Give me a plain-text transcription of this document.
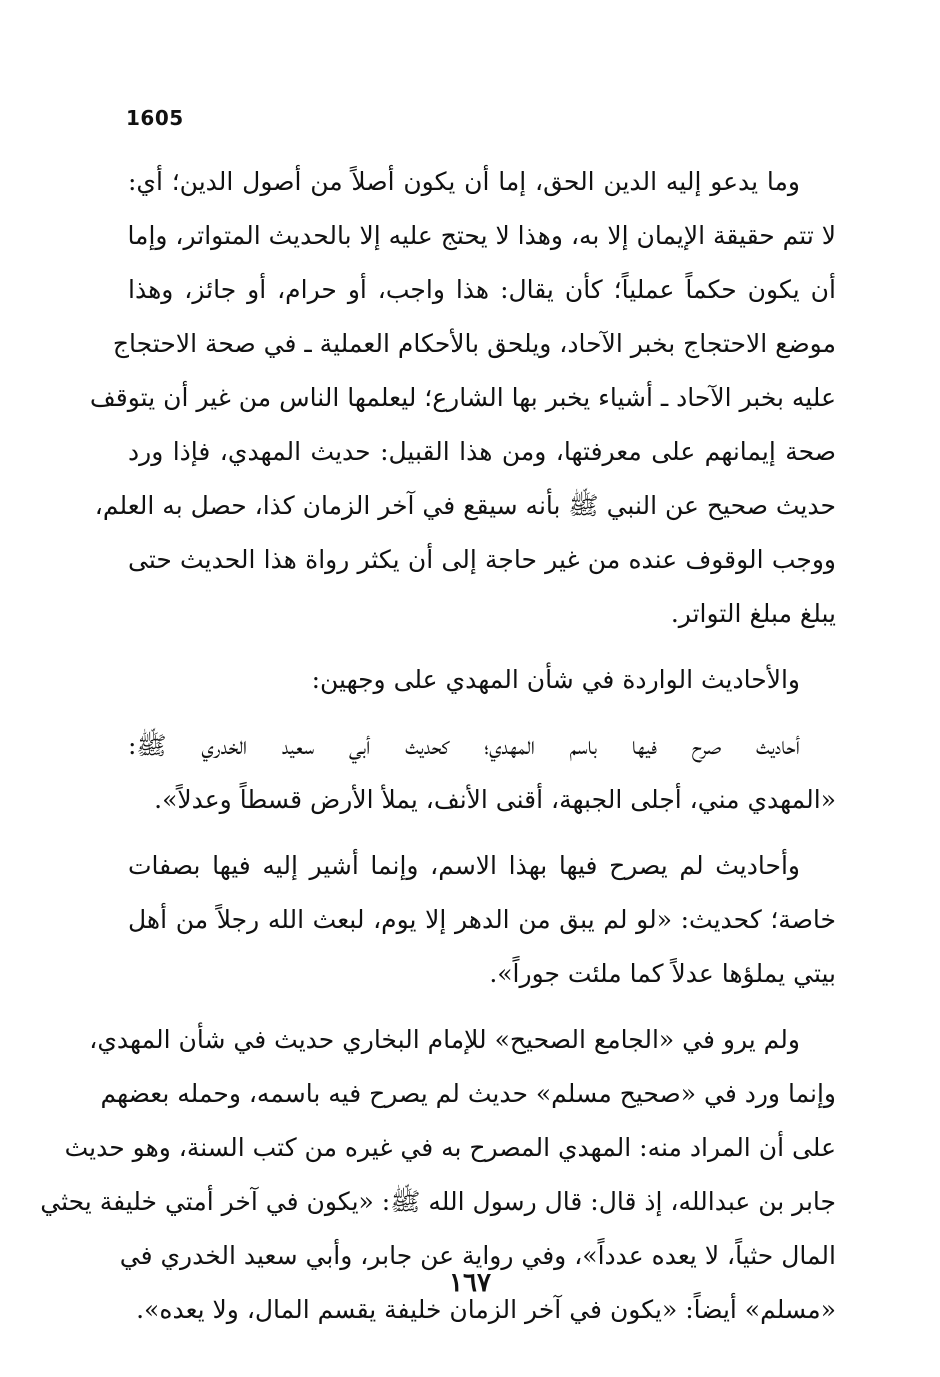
1605
وما يدعو إليه الدين الحق، إما أن يكون أصلاً من أصول الدين؛ أي:
لا تتم حقيقة الإيمان إلا به، وهذا لا يحتج عليه إلا بالحديث المتواتر، وإما
أن يكون حكماً عملياً؛ كأن يقال: هذا واجب، أو حرام، أو جائز، وهذا
موضع الاحتجاج بخبر الآحاد، ويلحق بالأحكام العملية ـ في صحة الاحتجاج
عليه بخبر الآحاد ـ أشياء يخبر بها الشارع؛ ليعلمها الناس من غير أن يتوقف
صحة إيمانهم على معرفتها، ومن هذا القبيل: حديث المهدي، فإذا ورد
حديث صحيح عن النبي ﷺ بأنه سيقع في آخر الزمان كذا، حصل به العلم،
ووجب الوقوف عنده من غير حاجة إلى أن يكثر رواة هذا الحديث حتى
يبلغ مبلغ التواتر.
والأحاديث الواردة في شأن المهدي على وجهين:
أحاديث صرح فيها باسم المهدي؛ كحديث أبي سعيد الخدري ﷺ:
«المهدي مني، أجلى الجبهة، أقنى الأنف، يملأ الأرض قسطاً وعدلاً».
وأحاديث لم يصرح فيها بهذا الاسم، وإنما أشير إليه فيها بصفات
خاصة؛ كحديث: «لو لم يبق من الدهر إلا يوم، لبعث الله رجلاً من أهل
بيتي يملؤها عدلاً كما ملئت جوراً».
ولم يرو في «الجامع الصحيح» للإمام البخاري حديث في شأن المهدي،
وإنما ورد في «صحيح مسلم» حديث لم يصرح فيه باسمه، وحمله بعضهم
على أن المراد منه: المهدي المصرح به في غيره من كتب السنة، وهو حديث
جابر بن عبدالله، إذ قال: قال رسول الله ﷺ: «يكون في آخر أمتي خليفة يحثي
المال حثياً، لا يعده عدداً»، وفي رواية عن جابر، وأبي سعيد الخدري في
«مسلم» أيضاً: «يكون في آخر الزمان خليفة يقسم المال، ولا يعده».
١٦٧
